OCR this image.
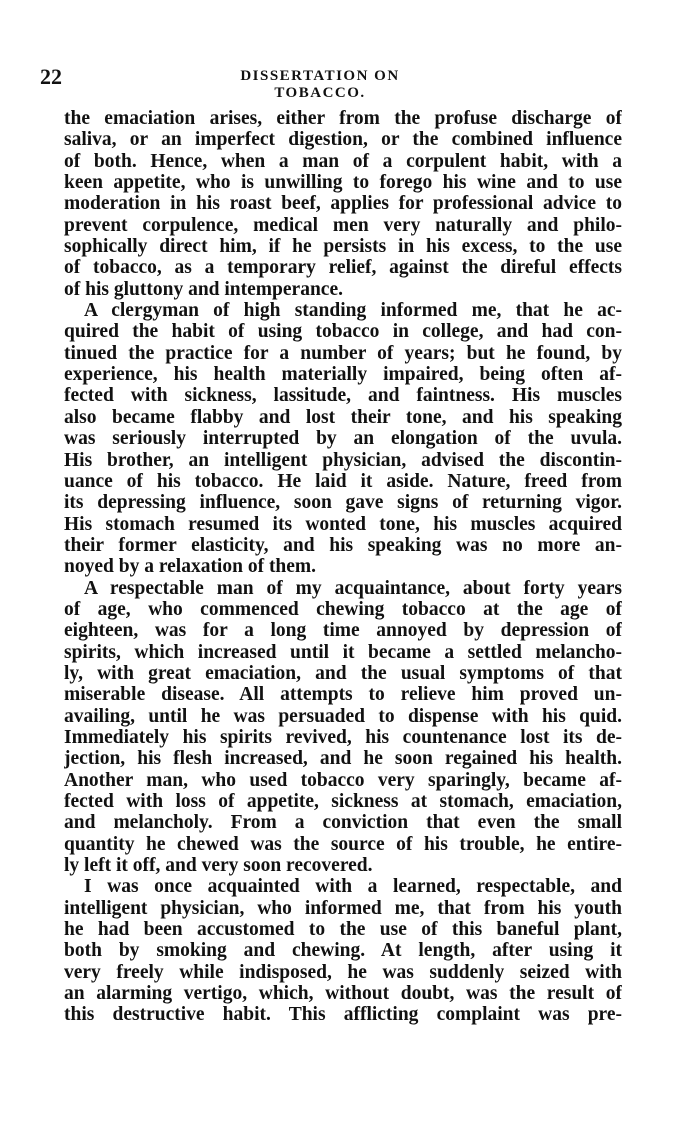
22	DISSERTATION ON TOBACCO.
the emaciation arises, either from the profuse discharge of
saliva, or an imperfect digestion, or the combined influence
of both. Hence, when a man of a corpulent habit, with a
keen appetite, who is unwilling to forego his wine and to use
moderation in his roast beef, applies for professional advice to
prevent corpulence, medical men very naturally and philo-
sophically direct him, if he persists in his excess, to the use
of tobacco, as a temporary relief, against the direful effects
of his gluttony and intemperance.
A clergyman of high standing informed me, that he ac-
quired the habit of using tobacco in college, and had con-
tinued the practice for a number of years; but he found, by
experience, his health materially impaired, being often af-
fected with sickness, lassitude, and faintness. His muscles
also became flabby and lost their tone, and his speaking
was seriously interrupted by an elongation of the uvula.
His brother, an intelligent physician, advised the discontin-
uance of his tobacco. He laid it aside. Nature, freed from
its depressing influence, soon gave signs of returning vigor.
His stomach resumed its wonted tone, his muscles acquired
their former elasticity, and his speaking was no more an-
noyed by a relaxation of them.
A respectable man of my acquaintance, about forty years
of age, who commenced chewing tobacco at the age of
eighteen, was for a long time annoyed by depression of
spirits, which increased until it became a settled melancho-
ly, with great emaciation, and the usual symptoms of that
miserable disease. All attempts to relieve him proved un-
availing, until he was persuaded to dispense with his quid.
Immediately his spirits revived, his countenance lost its de-
jection, his flesh increased, and he soon regained his health.
Another man, who used tobacco very sparingly, became af-
fected with loss of appetite, sickness at stomach, emaciation,
and melancholy. From a conviction that even the small
quantity he chewed was the source of his trouble, he entire-
ly left it off, and very soon recovered.
I was once acquainted with a learned, respectable, and
intelligent physician, who informed me, that from his youth
he had been accustomed to the use of this baneful plant,
both by smoking and chewing. At length, after using it
very freely while indisposed, he was suddenly seized with
an alarming vertigo, which, without doubt, was the result of
this destructive habit. This afflicting complaint was pre-
